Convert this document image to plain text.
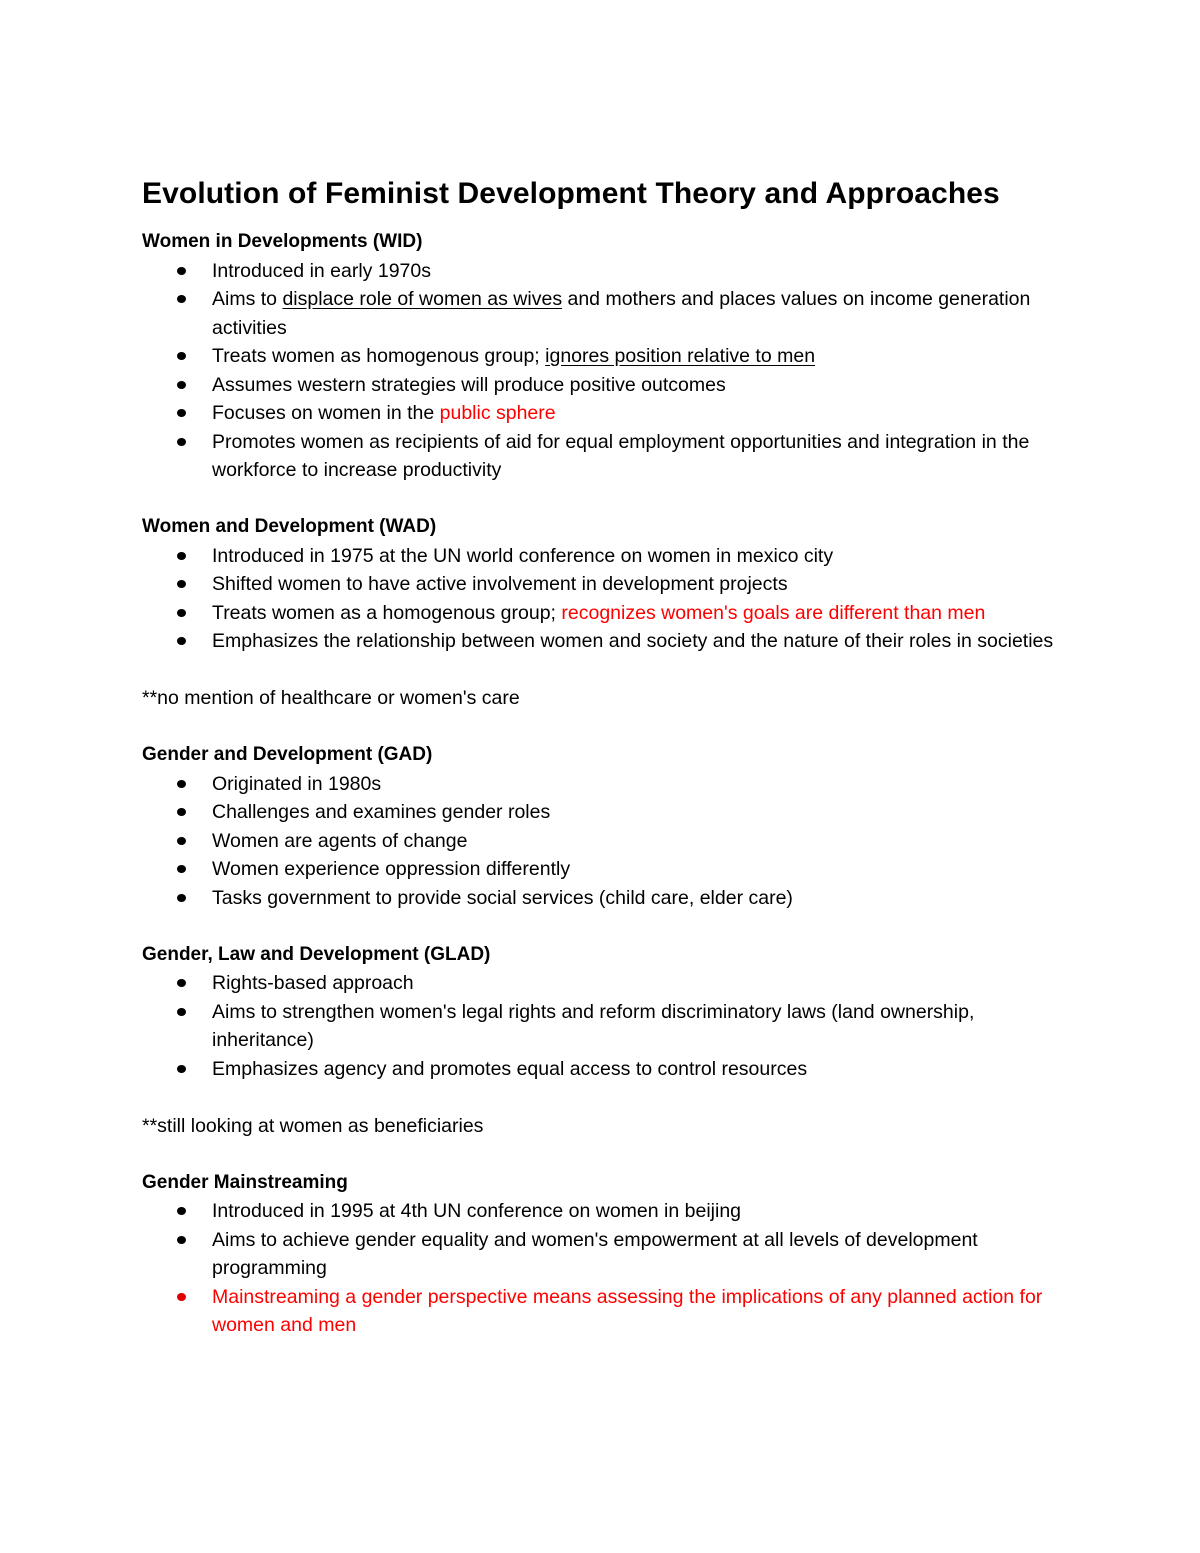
Evolution of Feminist Development Theory and Approaches

Women in Developments (WID)

Introduced in early 1970s
Aims to displace role of women as wives and mothers and places values on income generation activities
Treats women as homogenous group; ignores position relative to men
Assumes western strategies will produce positive outcomes
Focuses on women in the public sphere
Promotes women as recipients of aid for equal employment opportunities and integration in the workforce to increase productivity

Women and Development (WAD)

Introduced in 1975 at the UN world conference on women in mexico city
Shifted women to have active involvement in development projects
Treats women as a homogenous group; recognizes women's goals are different than men
Emphasizes the relationship between women and society and the nature of their roles in societies

**no mention of healthcare or women's care

Gender and Development (GAD)

Originated in 1980s
Challenges and examines gender roles
Women are agents of change
Women experience oppression differently
Tasks government to provide social services (child care, elder care)

Gender, Law and Development (GLAD)

Rights-based approach
Aims to strengthen women's legal rights and reform discriminatory laws (land ownership, inheritance)
Emphasizes agency and promotes equal access to control resources

**still looking at women as beneficiaries

Gender Mainstreaming

Introduced in 1995 at 4th UN conference on women in beijing
Aims to achieve gender equality and women's empowerment at all levels of development programming
Mainstreaming a gender perspective means assessing the implications of any planned action for women and men
